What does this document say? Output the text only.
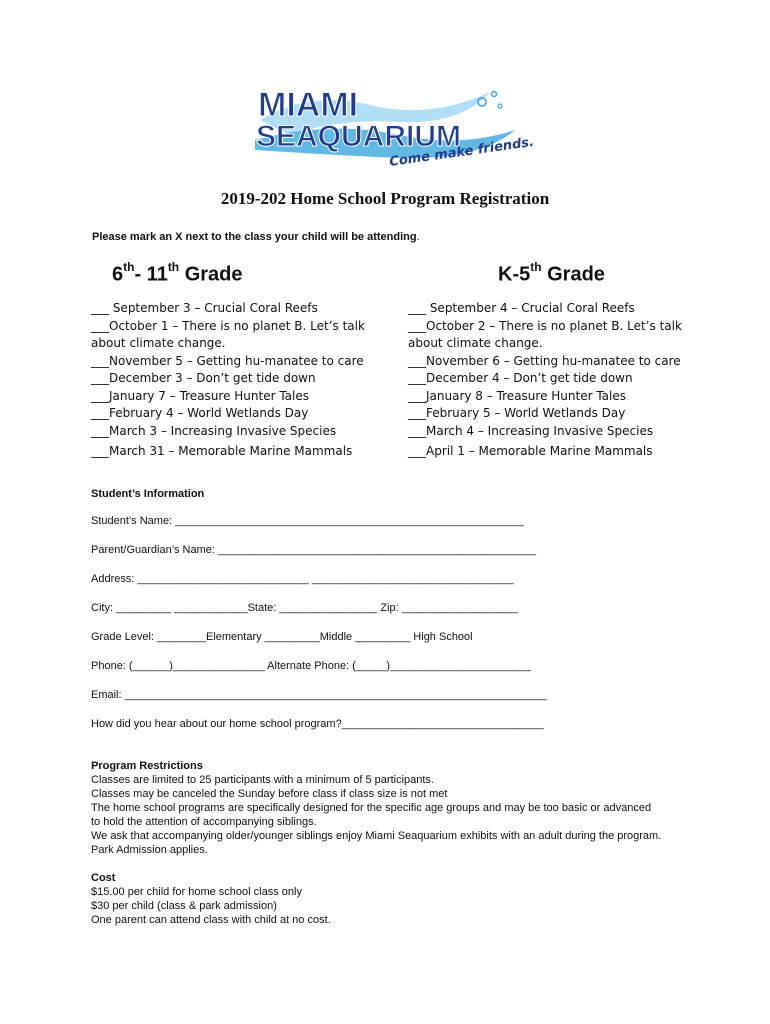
MIAMI
SEAQUARIUM
Come make friends.
2019-202 Home School Program Registration
Please mark an X next to the class your child will be attending.
6th- 11th Grade	K-5th Grade
___ September 3 – Crucial Coral Reefs
___October 1 – There is no planet B. Let’s talk
about climate change.
___November 5 – Getting hu-manatee to care
___December 3 – Don’t get tide down
___January 7 – Treasure Hunter Tales
___February 4 – World Wetlands Day
___March 3 – Increasing Invasive Species
___March 31 – Memorable Marine Mammals
___ September 4 – Crucial Coral Reefs
___October 2 – There is no planet B. Let’s talk
about climate change.
___November 6 – Getting hu-manatee to care
___December 4 – Don’t get tide down
___January 8 – Treasure Hunter Tales
___February 5 – World Wetlands Day
___March 4 – Increasing Invasive Species
___April 1 – Memorable Marine Mammals
Student’s Information
Student’s Name: _________________________________________________________
Parent/Guardian’s Name: ____________________________________________________
Address: ____________________________ _________________________________
City: _________ ____________State: ________________ Zip: ___________________
Grade Level: ________Elementary _________Middle _________ High School
Phone: (______)_______________ Alternate Phone: (_____)_______________________
Email: _____________________________________________________________________
How did you hear about our home school program?_________________________________
Program Restrictions
Classes are limited to 25 participants with a minimum of 5 participants.
Classes may be canceled the Sunday before class if class size is not met
The home school programs are specifically designed for the specific age groups and may be too basic or advanced
to hold the attention of accompanying siblings.
We ask that accompanying older/younger siblings enjoy Miami Seaquarium exhibits with an adult during the program.
Park Admission applies.
Cost
$15.00 per child for home school class only
$30 per child (class & park admission)
One parent can attend class with child at no cost.
